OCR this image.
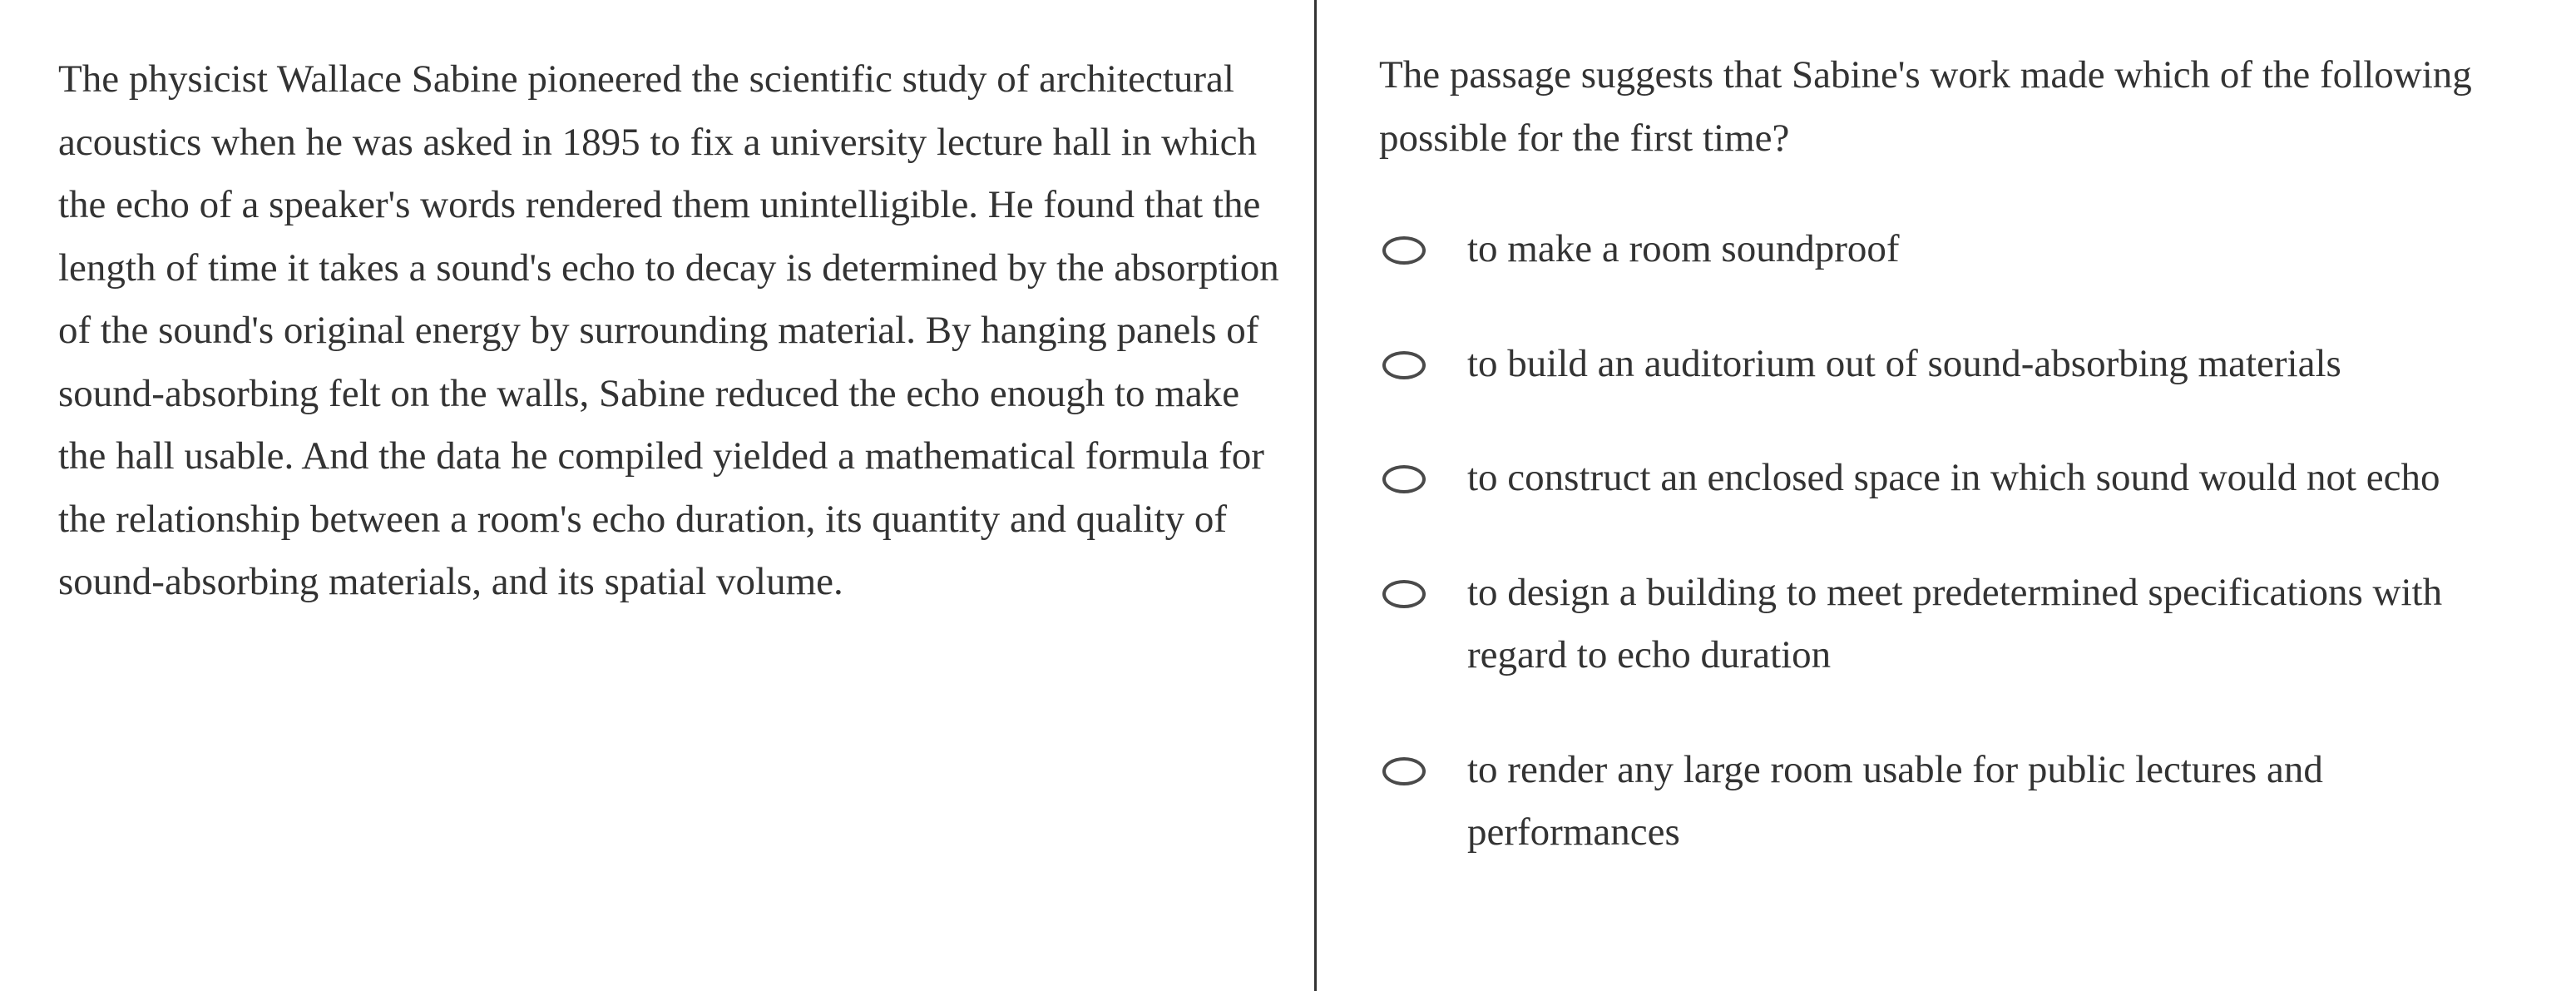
The physicist Wallace Sabine pioneered the scientific study of architectural acoustics when he was asked in 1895 to fix a university lecture hall in which the echo of a speaker's words rendered them unintelligible. He found that the length of time it takes a sound's echo to decay is determined by the absorption of the sound's original energy by surrounding material. By hanging panels of sound-absorbing felt on the walls, Sabine reduced the echo enough to make the hall usable. And the data he compiled yielded a mathematical formula for the relationship between a room's echo duration, its quantity and quality of sound-absorbing materials, and its spatial volume.

The passage suggests that Sabine's work made which of the following possible for the first time?

to make a room soundproof
to build an auditorium out of sound-absorbing materials
to construct an enclosed space in which sound would not echo
to design a building to meet predetermined specifications with regard to echo duration
to render any large room usable for public lectures and performances
